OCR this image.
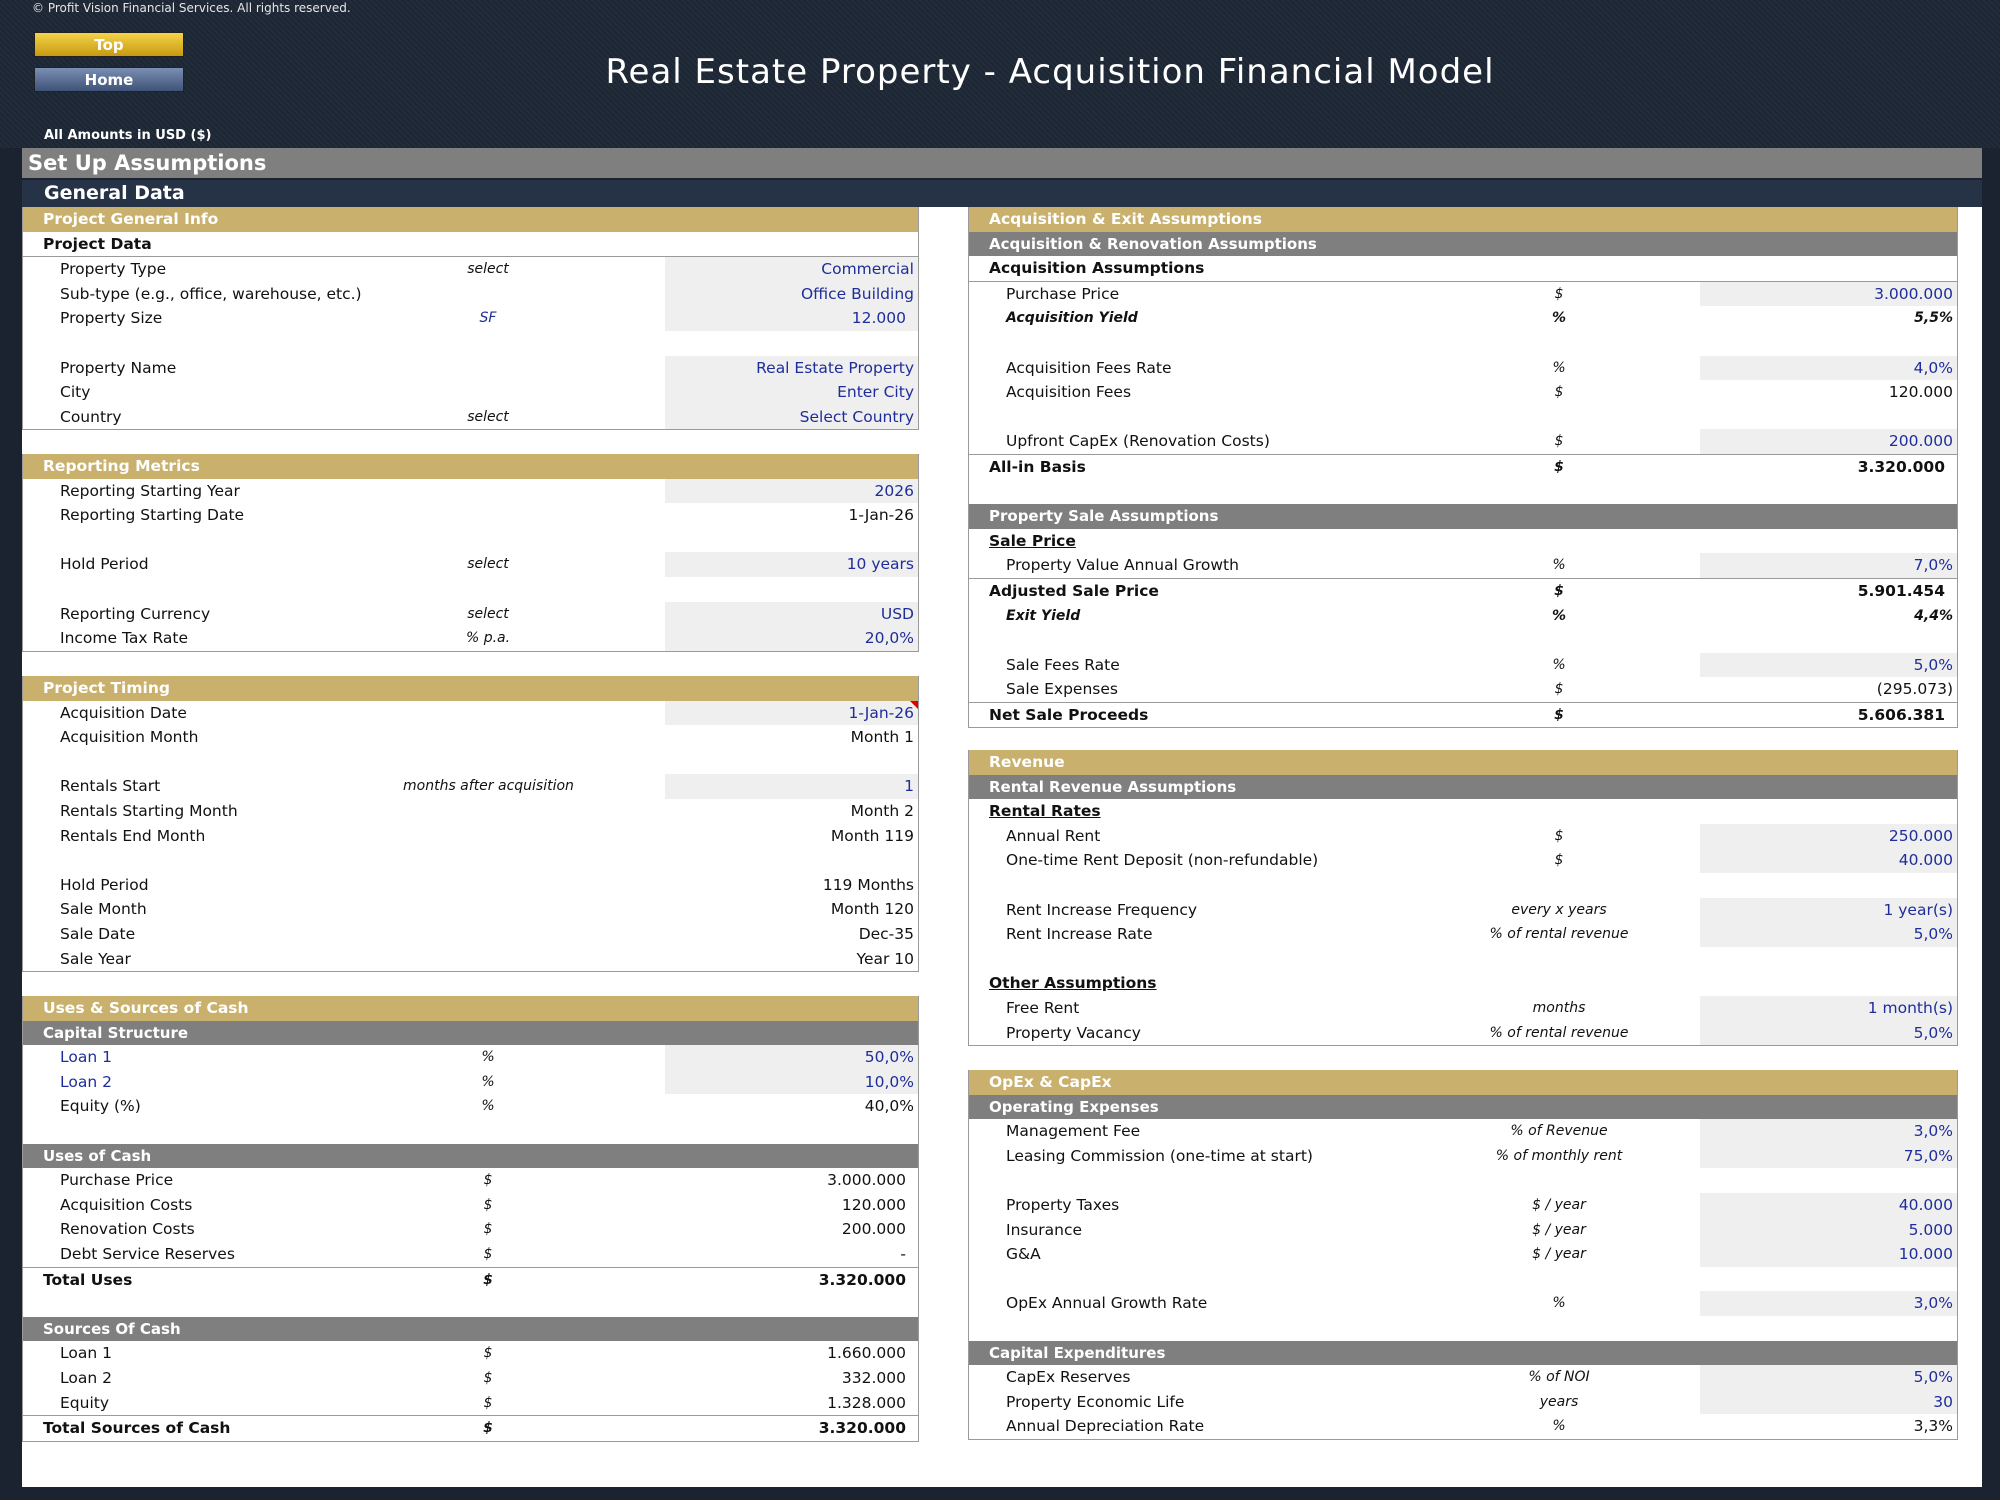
© Profit Vision Financial Services. All rights reserved.
Top
Home	Real Estate Property - Acquisition Financial Model
All Amounts in USD ($)
Set Up Assumptions
General Data
Project General Info
Project Data
Property Type	select	Commercial
Sub-type (e.g., office, warehouse, etc.)	Office Building
Property Size	SF	12.000
Property Name	Real Estate Property
City	Enter City
Country	select	Select Country
Reporting Metrics
Reporting Starting Year	2026
Reporting Starting Date	1-Jan-26
Hold Period	select	10 years
Reporting Currency	select	USD
Income Tax Rate	% p.a.	20,0%
Project Timing
Acquisition Date	1-Jan-26
Acquisition Month	Month 1
Rentals Start	months after acquisition	1
Rentals Starting Month	Month 2
Rentals End Month	Month 119
Hold Period	119 Months
Sale Month	Month 120
Sale Date	Dec-35
Sale Year	Year 10
Uses & Sources of Cash
Capital Structure
Loan 1	%	50,0%
Loan 2	%	10,0%
Equity (%)	%	40,0%
Uses of Cash
Purchase Price	$	3.000.000
Acquisition Costs	$	120.000
Renovation Costs	$	200.000
Debt Service Reserves	$	-
Total Uses	$	3.320.000
Sources Of Cash
Loan 1	$	1.660.000
Loan 2	$	332.000
Equity	$	1.328.000
Total Sources of Cash	$	3.320.000
Acquisition & Exit Assumptions
Acquisition & Renovation Assumptions
Acquisition Assumptions
Purchase Price	$	3.000.000
Acquisition Yield	%	5,5%
Acquisition Fees Rate	%	4,0%
Acquisition Fees	$	120.000
Upfront CapEx (Renovation Costs)	$	200.000
All-in Basis	$	3.320.000
Property Sale Assumptions
Sale Price
Property Value Annual Growth	%	7,0%
Adjusted Sale Price	$	5.901.454
Exit Yield	%	4,4%
Sale Fees Rate	%	5,0%
Sale Expenses	$	(295.073)
Net Sale Proceeds	$	5.606.381
Revenue
Rental Revenue Assumptions
Rental Rates
Annual Rent	$	250.000
One-time Rent Deposit (non-refundable)	$	40.000
Rent Increase Frequency	every x years	1 year(s)
Rent Increase Rate	% of rental revenue	5,0%
Other Assumptions
Free Rent	months	1 month(s)
Property Vacancy	% of rental revenue	5,0%
OpEx & CapEx
Operating Expenses
Management Fee	% of Revenue	3,0%
Leasing Commission (one-time at start)	% of monthly rent	75,0%
Property Taxes	$ / year	40.000
Insurance	$ / year	5.000
G&A	$ / year	10.000
OpEx Annual Growth Rate	%	3,0%
Capital Expenditures
CapEx Reserves	% of NOI	5,0%
Property Economic Life	years	30
Annual Depreciation Rate	%	3,3%
